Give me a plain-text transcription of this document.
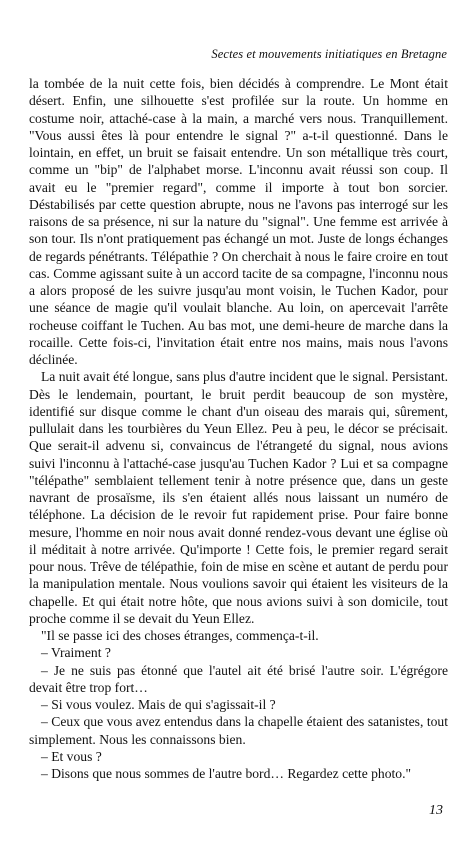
Sectes et mouvements initiatiques en Bretagne

la tombée de la nuit cette fois, bien décidés à comprendre. Le Mont était désert. Enfin, une silhouette s'est profilée sur la route. Un homme en costume noir, attaché-case à la main, a marché vers nous. Tranquillement. "Vous aussi êtes là pour entendre le signal ?" a-t-il questionné. Dans le lointain, en effet, un bruit se faisait entendre. Un son métallique très court, comme un "bip" de l'alphabet morse. L'inconnu avait réussi son coup. Il avait eu le "premier regard", comme il importe à tout bon sorcier. Déstabilisés par cette question abrupte, nous ne l'avons pas interrogé sur les raisons de sa présence, ni sur la nature du "signal". Une femme est arrivée à son tour. Ils n'ont pratiquement pas échangé un mot. Juste de longs échanges de regards pénétrants. Télépathie ? On cherchait à nous le faire croire en tout cas. Comme agissant suite à un accord tacite de sa compagne, l'inconnu nous a alors proposé de les suivre jusqu'au mont voisin, le Tuchen Kador, pour une séance de magie qu'il voulait blanche. Au loin, on apercevait l'arrête rocheuse coiffant le Tuchen. Au bas mot, une demi-heure de marche dans la rocaille. Cette fois-ci, l'invitation était entre nos mains, mais nous l'avons déclinée.

La nuit avait été longue, sans plus d'autre incident que le signal. Persistant. Dès le lendemain, pourtant, le bruit perdit beaucoup de son mystère, identifié sur disque comme le chant d'un oiseau des marais qui, sûrement, pullulait dans les tourbières du Yeun Ellez. Peu à peu, le décor se précisait. Que serait-il advenu si, convaincus de l'étrangeté du signal, nous avions suivi l'inconnu à l'attaché-case jusqu'au Tuchen Kador ? Lui et sa compagne "télépathe" semblaient tellement tenir à notre présence que, dans un geste navrant de prosaïsme, ils s'en étaient allés nous laissant un numéro de téléphone. La décision de le revoir fut rapidement prise. Pour faire bonne mesure, l'homme en noir nous avait donné rendez-vous devant une église où il méditait à notre arrivée. Qu'importe ! Cette fois, le premier regard serait pour nous. Trêve de télépathie, foin de mise en scène et autant de perdu pour la manipulation mentale. Nous voulions savoir qui étaient les visiteurs de la chapelle. Et qui était notre hôte, que nous avions suivi à son domicile, tout proche comme il se devait du Yeun Ellez.

"Il se passe ici des choses étranges, commença-t-il.

– Vraiment ?

– Je ne suis pas étonné que l'autel ait été brisé l'autre soir. L'égrégore devait être trop fort…

– Si vous voulez. Mais de qui s'agissait-il ?

– Ceux que vous avez entendus dans la chapelle étaient des satanistes, tout simplement. Nous les connaissons bien.

– Et vous ?

– Disons que nous sommes de l'autre bord… Regardez cette photo."

13
